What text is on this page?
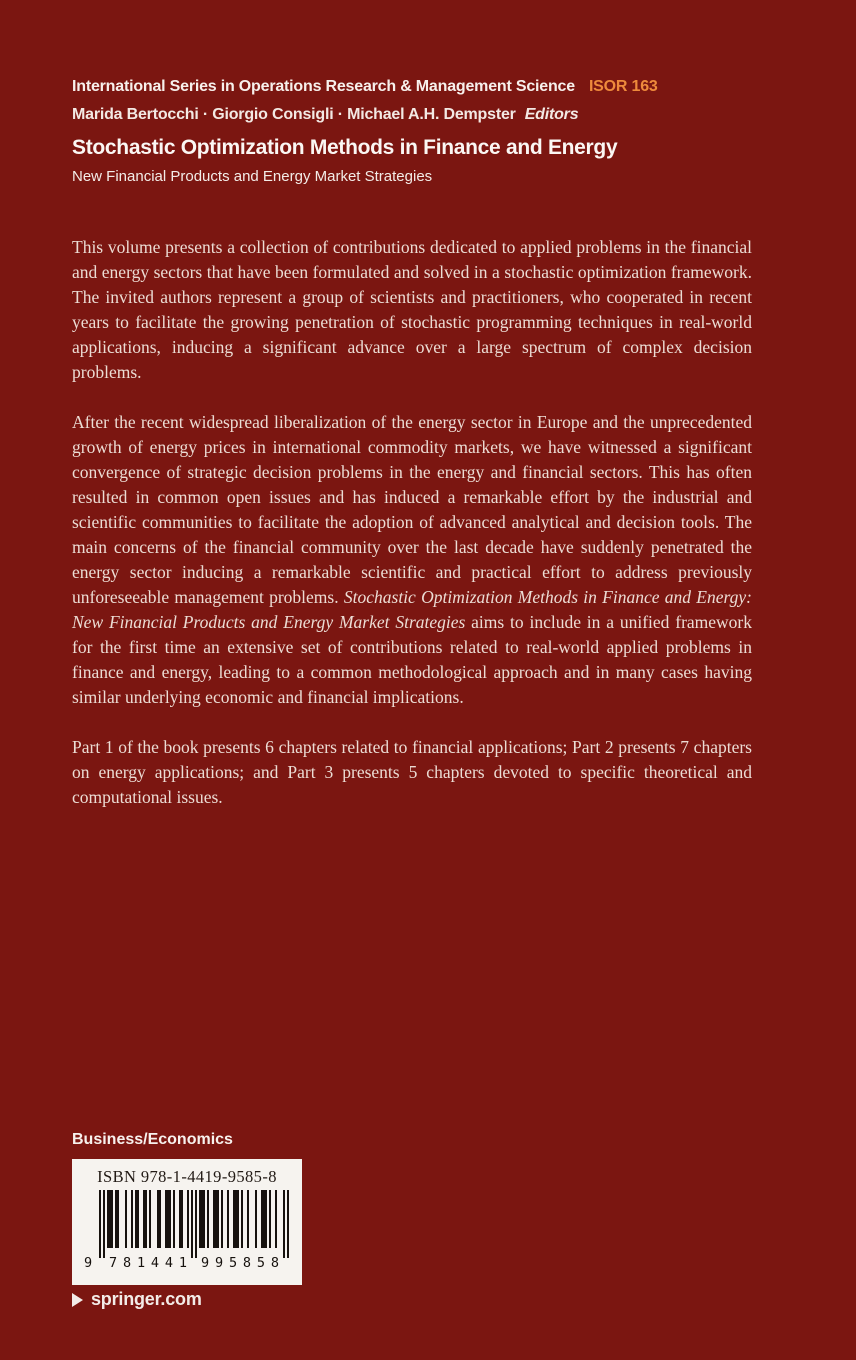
International Series in Operations Research & Management Science ISOR 163
Marida Bertocchi · Giorgio Consigli · Michael A.H. Dempster Editors
Stochastic Optimization Methods in Finance and Energy
New Financial Products and Energy Market Strategies

This volume presents a collection of contributions dedicated to applied problems in the financial and energy sectors that have been formulated and solved in a stochastic optimization framework. The invited authors represent a group of scientists and practitioners, who cooperated in recent years to facilitate the growing penetration of stochastic programming techniques in real-world applications, inducing a significant advance over a large spectrum of complex decision problems.

After the recent widespread liberalization of the energy sector in Europe and the unprecedented growth of energy prices in international commodity markets, we have witnessed a significant convergence of strategic decision problems in the energy and financial sectors. This has often resulted in common open issues and has induced a remarkable effort by the industrial and scientific communities to facilitate the adoption of advanced analytical and decision tools. The main concerns of the financial community over the last decade have suddenly penetrated the energy sector inducing a remarkable scientific and practical effort to address previously unforeseeable management problems. Stochastic Optimization Methods in Finance and Energy: New Financial Products and Energy Market Strategies aims to include in a unified framework for the first time an extensive set of contributions related to real-world applied problems in finance and energy, leading to a common methodological approach and in many cases having similar underlying economic and financial implications.

Part 1 of the book presents 6 chapters related to financial applications; Part 2 presents 7 chapters on energy applications; and Part 3 presents 5 chapters devoted to specific theoretical and computational issues.

Business/Economics
ISBN 978-1-4419-9585-8
9 781441 995858
springer.com
